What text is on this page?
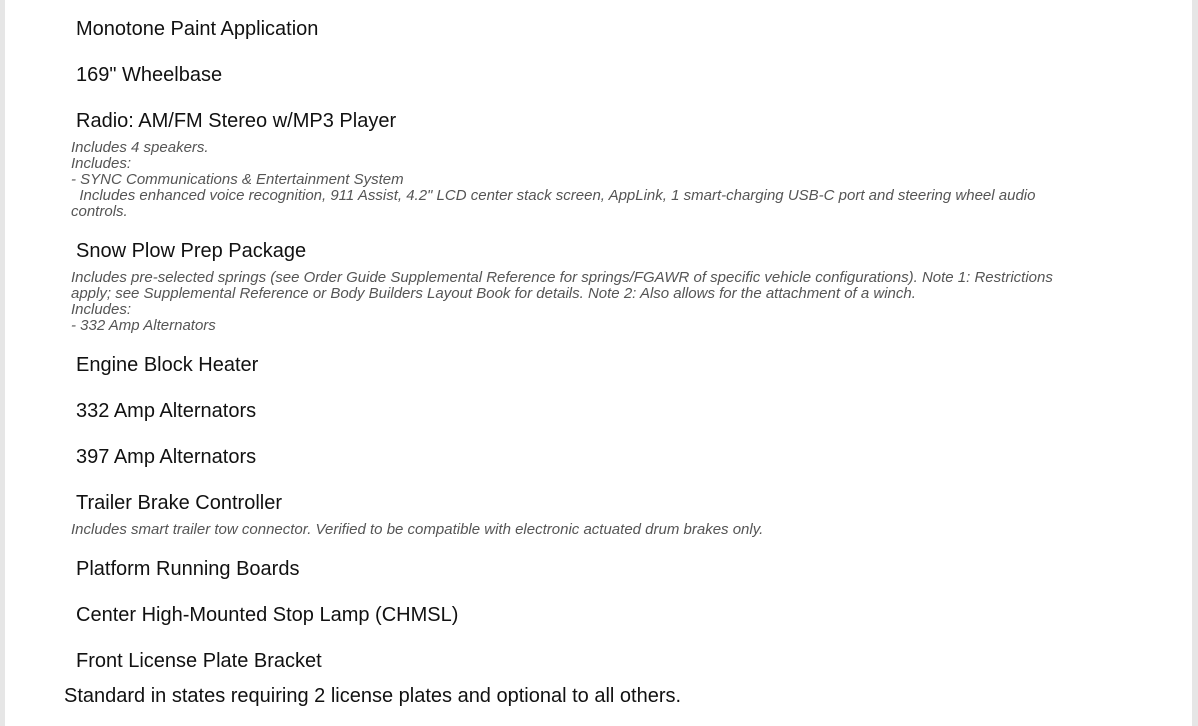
Monotone Paint Application
169" Wheelbase
Radio: AM/FM Stereo w/MP3 Player
Includes 4 speakers.
Includes:
- SYNC Communications & Entertainment System
Includes enhanced voice recognition, 911 Assist, 4.2" LCD center stack screen, AppLink, 1 smart-charging USB-C port and steering wheel audio
controls.
Snow Plow Prep Package
Includes pre-selected springs (see Order Guide Supplemental Reference for springs/FGAWR of specific vehicle configurations). Note 1: Restrictions
apply; see Supplemental Reference or Body Builders Layout Book for details. Note 2: Also allows for the attachment of a winch.
Includes:
- 332 Amp Alternators
Engine Block Heater
332 Amp Alternators
397 Amp Alternators
Trailer Brake Controller
Includes smart trailer tow connector. Verified to be compatible with electronic actuated drum brakes only.
Platform Running Boards
Center High-Mounted Stop Lamp (CHMSL)
Front License Plate Bracket
Standard in states requiring 2 license plates and optional to all others.
